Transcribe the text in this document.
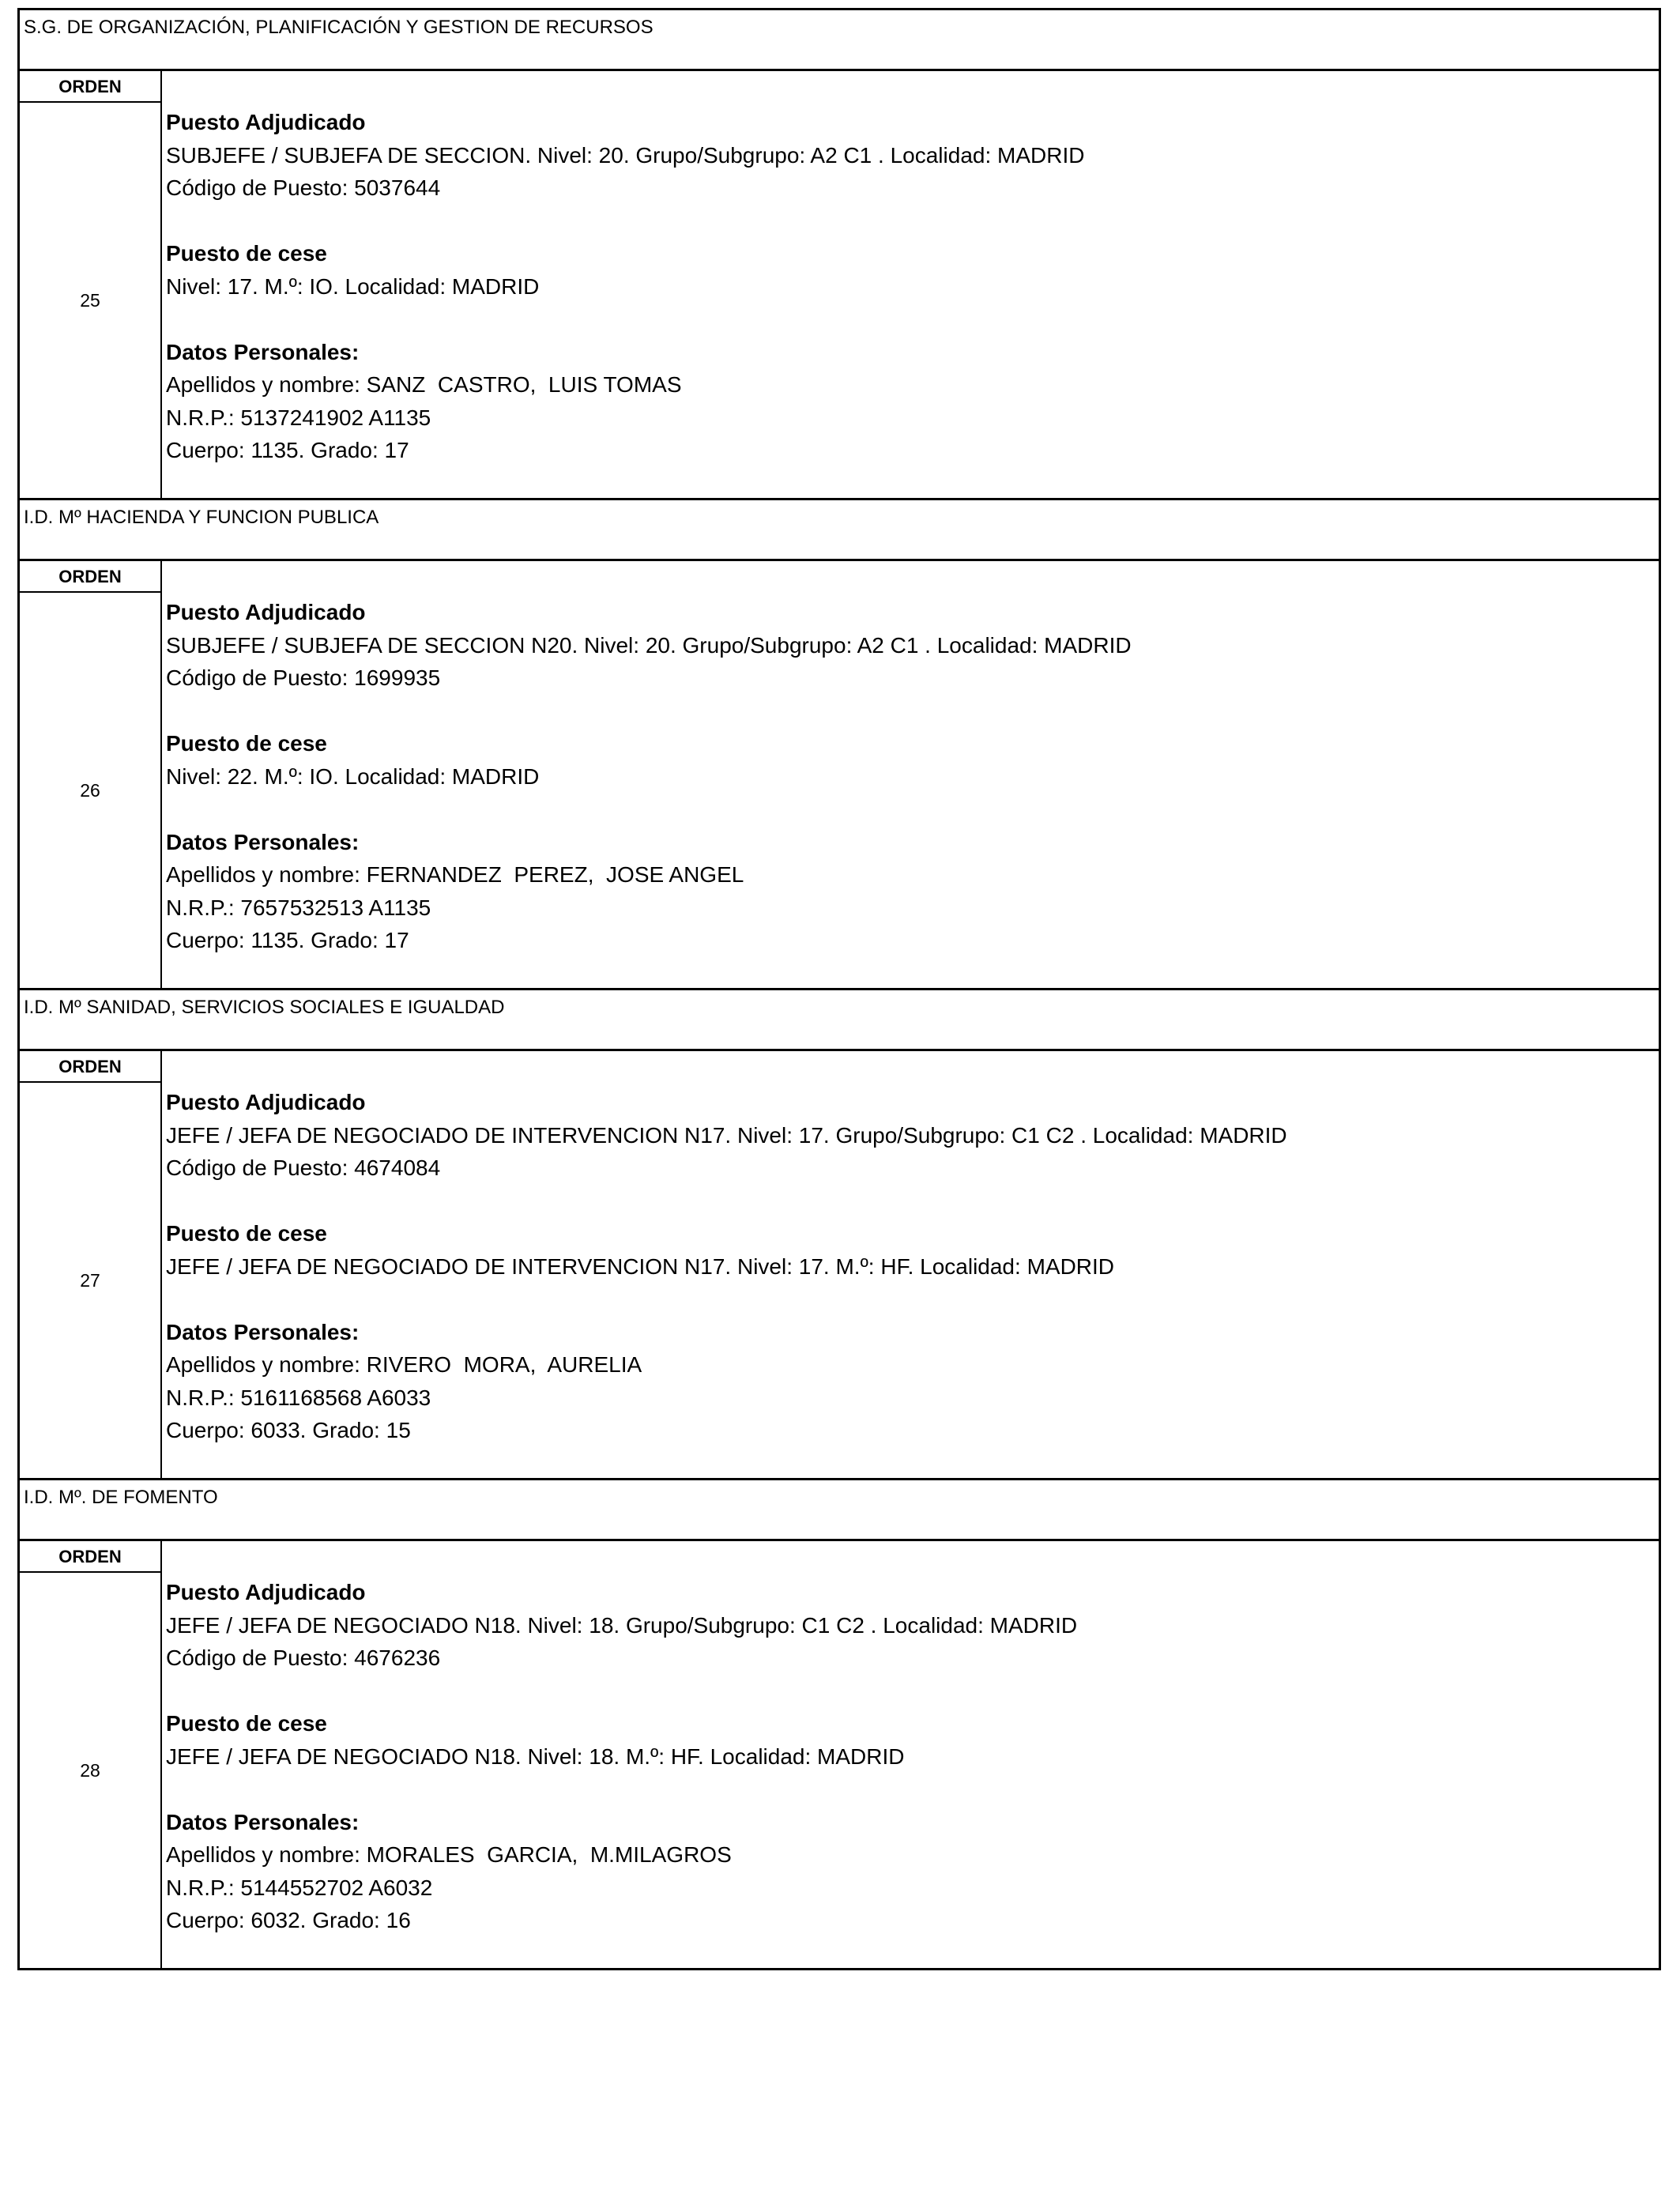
S.G. DE ORGANIZACIÓN, PLANIFICACIÓN Y GESTION DE RECURSOS
ORDEN
25
Puesto Adjudicado
SUBJEFE / SUBJEFA DE SECCION. Nivel: 20. Grupo/Subgrupo: A2 C1 . Localidad: MADRID
Código de Puesto: 5037644
Puesto de cese
Nivel: 17. M.º: IO. Localidad: MADRID
Datos Personales:
Apellidos y nombre: SANZ  CASTRO,  LUIS TOMAS
N.R.P.: 5137241902 A1135
Cuerpo: 1135. Grado: 17
I.D. Mº HACIENDA Y FUNCION PUBLICA
ORDEN
26
Puesto Adjudicado
SUBJEFE / SUBJEFA DE SECCION N20. Nivel: 20. Grupo/Subgrupo: A2 C1 . Localidad: MADRID
Código de Puesto: 1699935
Puesto de cese
Nivel: 22. M.º: IO. Localidad: MADRID
Datos Personales:
Apellidos y nombre: FERNANDEZ  PEREZ,  JOSE ANGEL
N.R.P.: 7657532513 A1135
Cuerpo: 1135. Grado: 17
I.D. Mº SANIDAD, SERVICIOS SOCIALES E IGUALDAD
ORDEN
27
Puesto Adjudicado
JEFE / JEFA DE NEGOCIADO DE INTERVENCION N17. Nivel: 17. Grupo/Subgrupo: C1 C2 . Localidad: MADRID
Código de Puesto: 4674084
Puesto de cese
JEFE / JEFA DE NEGOCIADO DE INTERVENCION N17. Nivel: 17. M.º: HF. Localidad: MADRID
Datos Personales:
Apellidos y nombre: RIVERO  MORA,  AURELIA
N.R.P.: 5161168568 A6033
Cuerpo: 6033. Grado: 15
I.D. Mº. DE FOMENTO
ORDEN
28
Puesto Adjudicado
JEFE / JEFA DE NEGOCIADO N18. Nivel: 18. Grupo/Subgrupo: C1 C2 . Localidad: MADRID
Código de Puesto: 4676236
Puesto de cese
JEFE / JEFA DE NEGOCIADO N18. Nivel: 18. M.º: HF. Localidad: MADRID
Datos Personales:
Apellidos y nombre: MORALES  GARCIA,  M.MILAGROS
N.R.P.: 5144552702 A6032
Cuerpo: 6032. Grado: 16
